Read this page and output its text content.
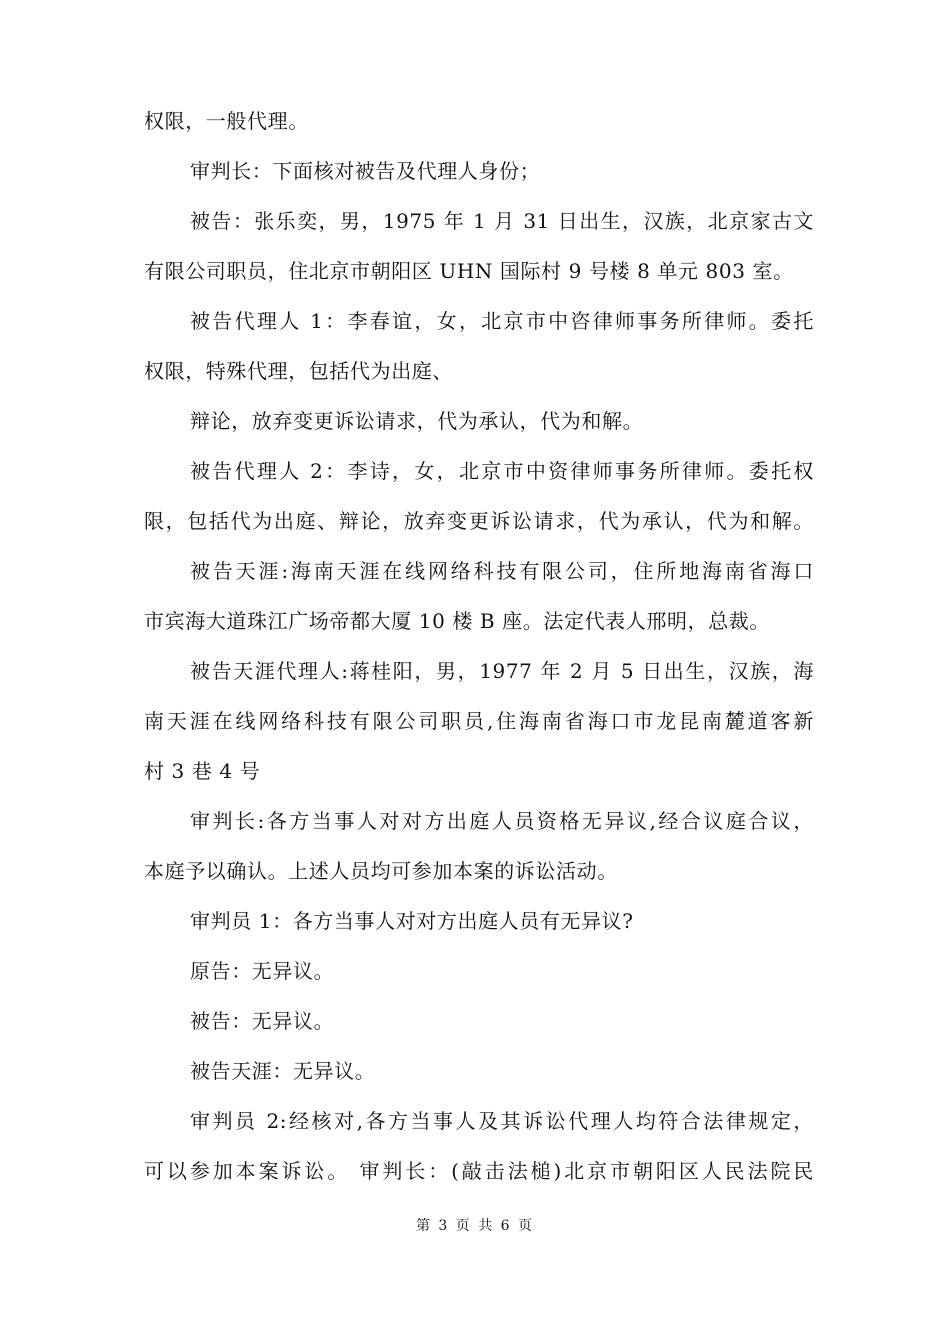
权限，一般代理。
审判长：下面核对被告及代理人身份；
被告：张乐奕，男，1975 年 1 月 31 日出生，汉族，北京家古文
有限公司职员，住北京市朝阳区 UHN 国际村 9 号楼 8 单元 803 室。
被告代理人 1：李春谊，女，北京市中咨律师事务所律师。委托
权限，特殊代理，包括代为出庭、
辩论，放弃变更诉讼请求，代为承认，代为和解。
被告代理人 2：李诗，女，北京市中资律师事务所律师。委托权
限，包括代为出庭、辩论，放弃变更诉讼请求，代为承认，代为和解。
被告天涯:海南天涯在线网络科技有限公司，住所地海南省海口
市宾海大道珠江广场帝都大厦 10 楼 B 座。法定代表人邢明，总裁。
被告天涯代理人:蒋桂阳，男，1977 年 2 月 5 日出生，汉族，海
南天涯在线网络科技有限公司职员,住海南省海口市龙昆南麓道客新
村 3 巷 4 号
审判长:各方当事人对对方出庭人员资格无异议,经合议庭合议，
本庭予以确认。上述人员均可参加本案的诉讼活动。
审判员 1：各方当事人对对方出庭人员有无异议?
原告：无异议。
被告：无异议。
被告天涯：无异议。
审判员 2:经核对,各方当事人及其诉讼代理人均符合法律规定，
可以参加本案诉讼。 审判长：(敲击法槌)北京市朝阳区人民法院民
第 3 页 共 6 页
